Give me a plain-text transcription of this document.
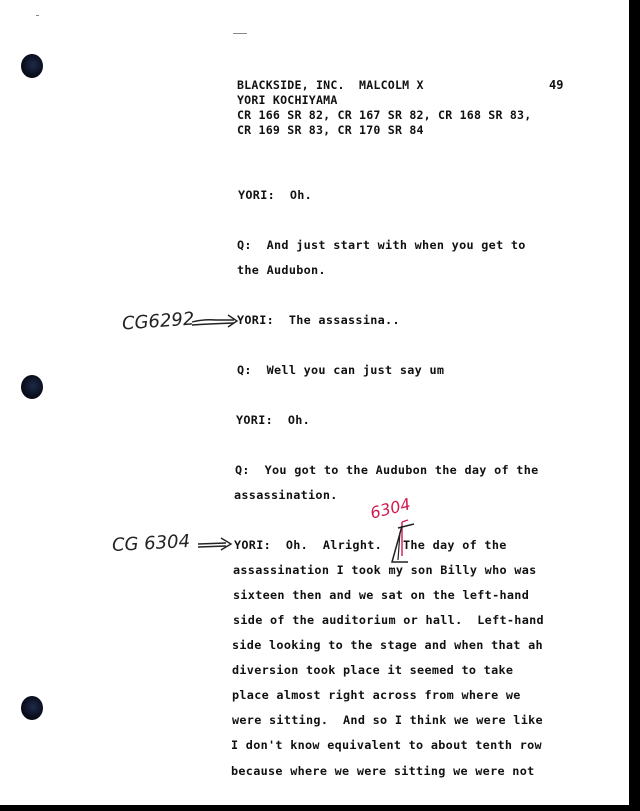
BLACKSIDE, INC.  MALCOLM X
YORI KOCHIYAMA
CR 166 SR 82, CR 167 SR 82, CR 168 SR 83,
CR 169 SR 83, CR 170 SR 84
49
YORI:  Oh.
Q:  And just start with when you get to
the Audubon.
YORI:  The assassina..
Q:  Well you can just say um
YORI:  Oh.
Q:  You got to the Audubon the day of the
assassination.
YORI:  Oh.  Alright. The day of the
assassination I took my son Billy who was
sixteen then and we sat on the left-hand
side of the auditorium or hall.  Left-hand
side looking to the stage and when that ah
diversion took place it seemed to take
place almost right across from where we
were sitting.  And so I think we were like
I don't know equivalent to about tenth row
because where we were sitting we were not
CG6292
CG 6304
6304
